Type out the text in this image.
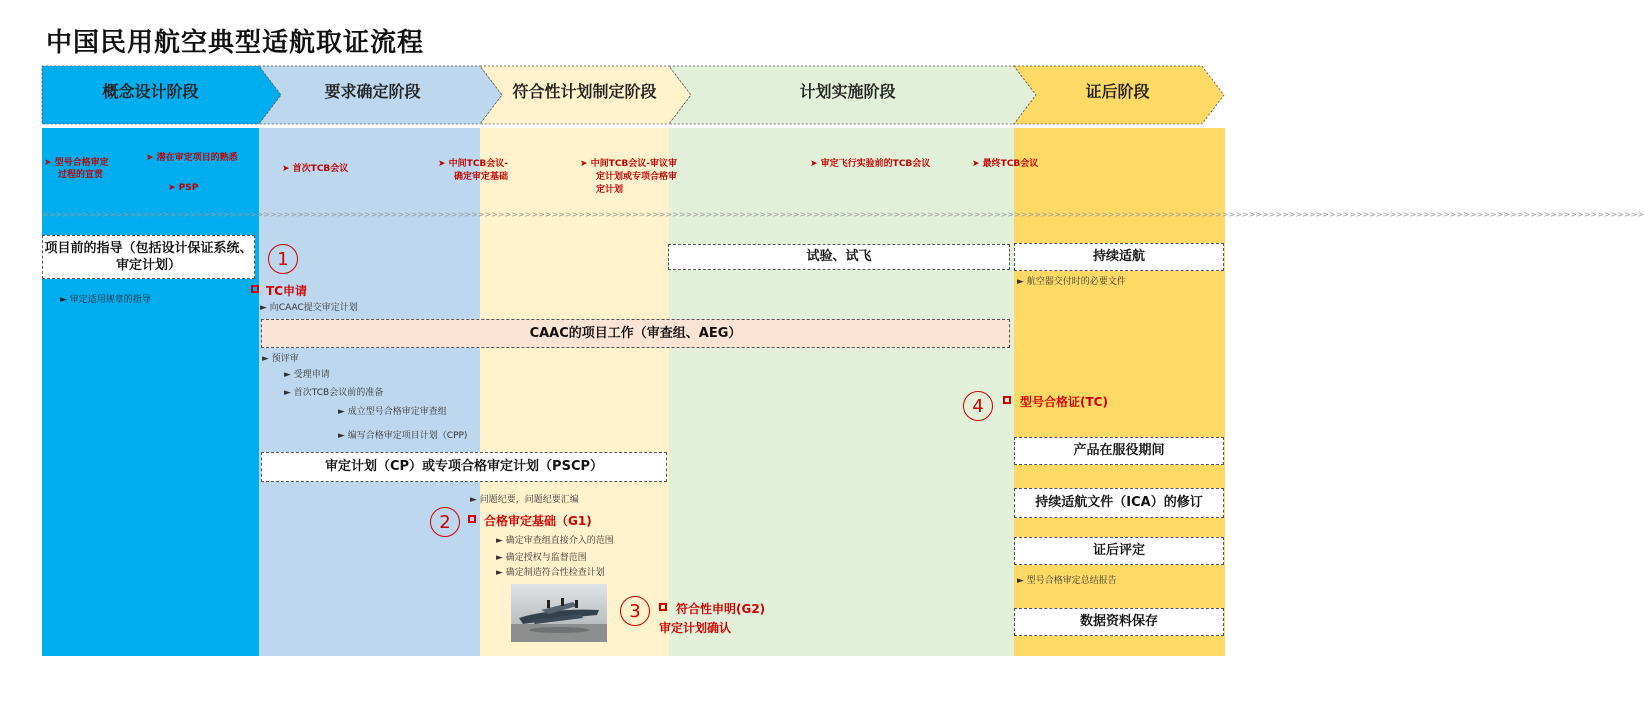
中国民用航空典型适航取证流程
概念设计阶段	要求确定阶段	符合性计划制定阶段	计划实施阶段	证后阶段
➤ 型号合格审定
过程的宣贯
➤ 潜在审定项目的熟悉
➤ PSP
➤ 首次TCB会议	➤ 中间TCB会议-
确定审定基础
➤ 中间TCB会议-审议审
定计划或专项合格审
定计划
➤ 审定飞行实验前的TCB会议	➤ 最终TCB会议
>>>>>>>>>>>>>>>>>>>>>>>>>>>>>>>>>>>>>>>>>>>>>>>>>>>>>>>>>>>>>>>>>>>>>>>>>>>>>>>>>>>>>>>>>>>>>>>>>>>>>>>>>>>>>>>>>>>>>>>>>>>>>>>>>>>>>>>>>>>>>>>>>>>>>>>>>>>>>>>>>>>>>>>>>>>>>>>>>>>>>>>>>>>>>>>>>>>>>>>>>>>>>>>>>>>>>>>>>>>>>>>>>>>>>>>>>>>>>>>
项目前的指导（包括设计保证系统、审定计划）
► 审定适用规章的指导
1
TC申请
► 向CAAC提交审定计划
CAAC的项目工作（审查组、AEG）
► 预评审
► 受理申请
► 首次TCB会议前的准备
► 成立型号合格审定审查组
► 编写合格审定项目计划（CPP)
审定计划（CP）或专项合格审定计划（PSCP）
► 问题纪要，问题纪要汇编
2	合格审定基础（G1)
► 确定审查组直接介入的范围
► 确定授权与监督范围
► 确定制造符合性检查计划
3	符合性申明(G2)
审定计划确认
试验、试飞	持续适航
► 航空器交付时的必要文件
4	型号合格证(TC)
产品在服役期间
持续适航文件（ICA）的修订
证后评定
► 型号合格审定总结报告
数据资料保存
